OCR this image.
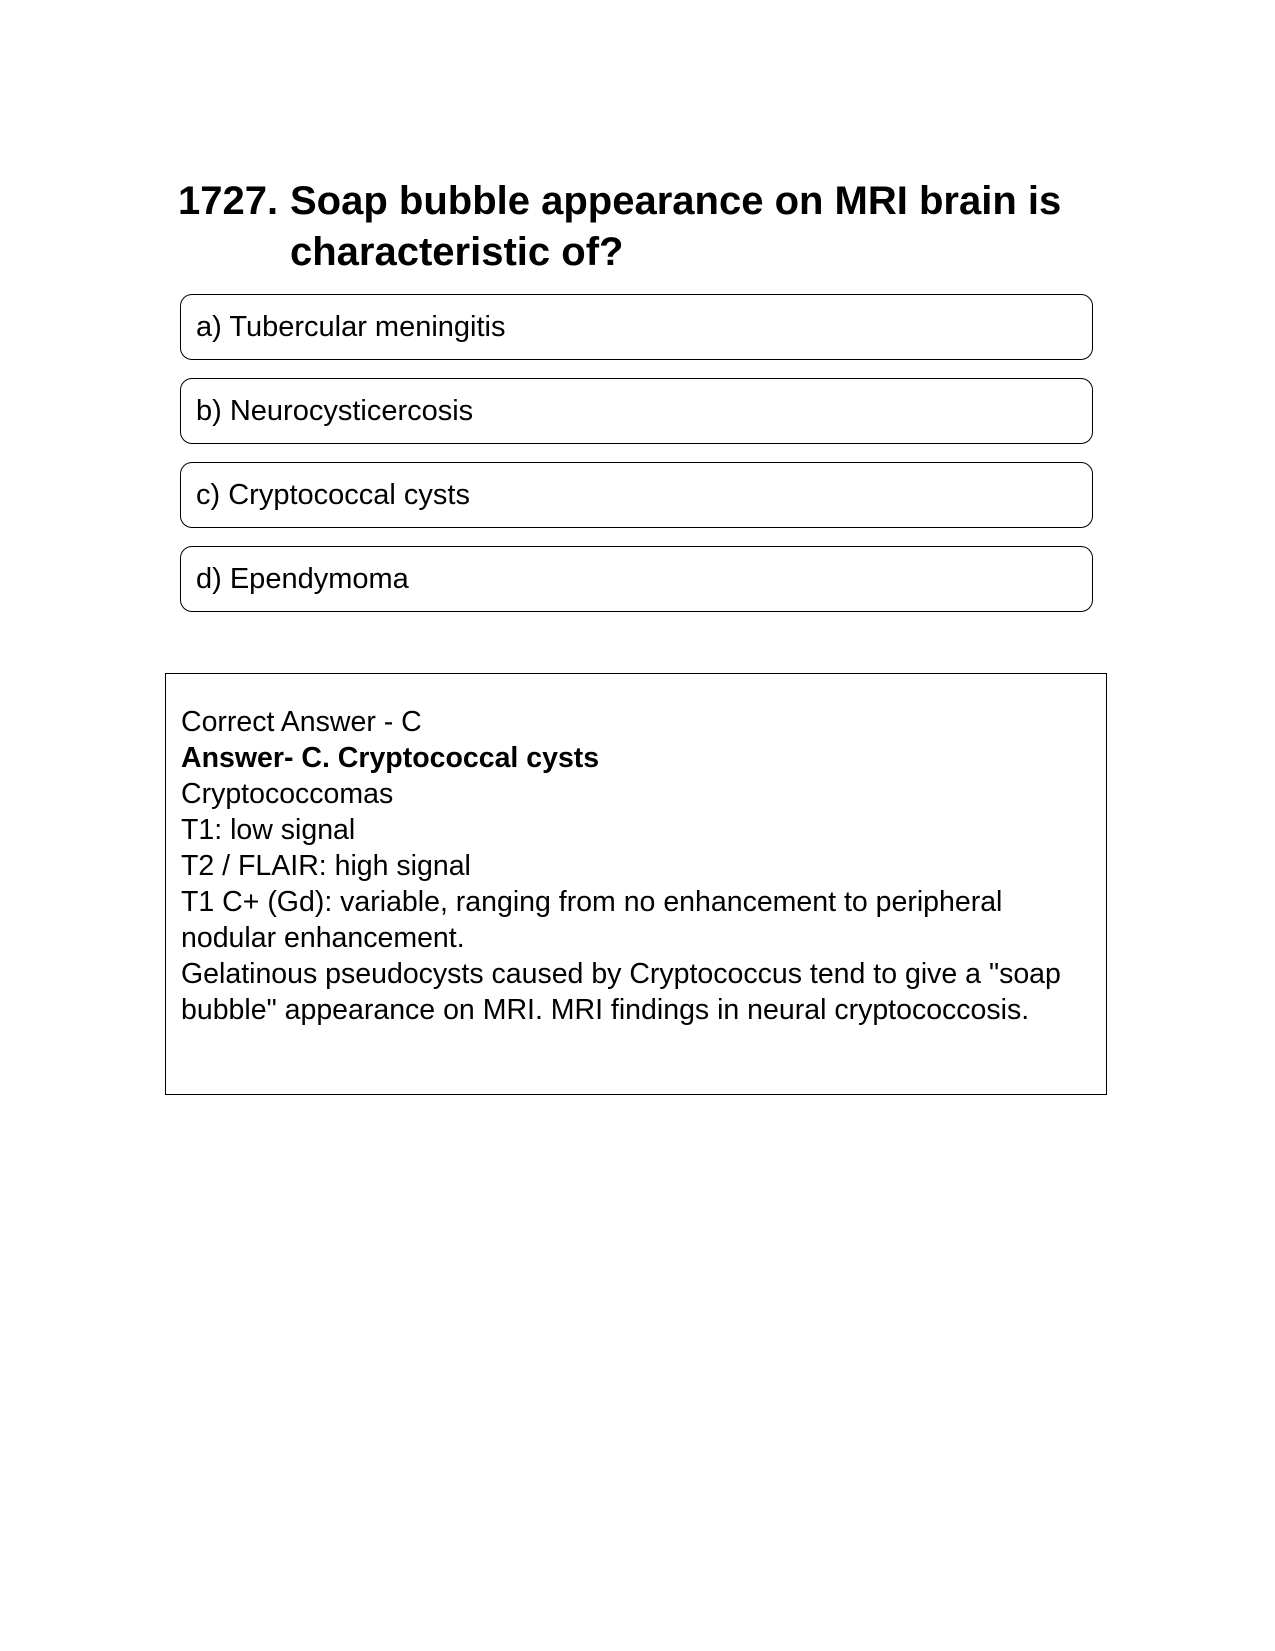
1727. Soap bubble appearance on MRI brain is characteristic of?
a) Tubercular meningitis
b) Neurocysticercosis
c) Cryptococcal cysts
d) Ependymoma
Correct Answer - C
Answer- C. Cryptococcal cysts
Cryptococcomas
T1: low signal
T2 / FLAIR: high signal
T1 C+ (Gd): variable, ranging from no enhancement to peripheral nodular enhancement.
Gelatinous pseudocysts caused by Cryptococcus tend to give a "soap bubble" appearance on MRI. MRI findings in neural cryptococcosis.
